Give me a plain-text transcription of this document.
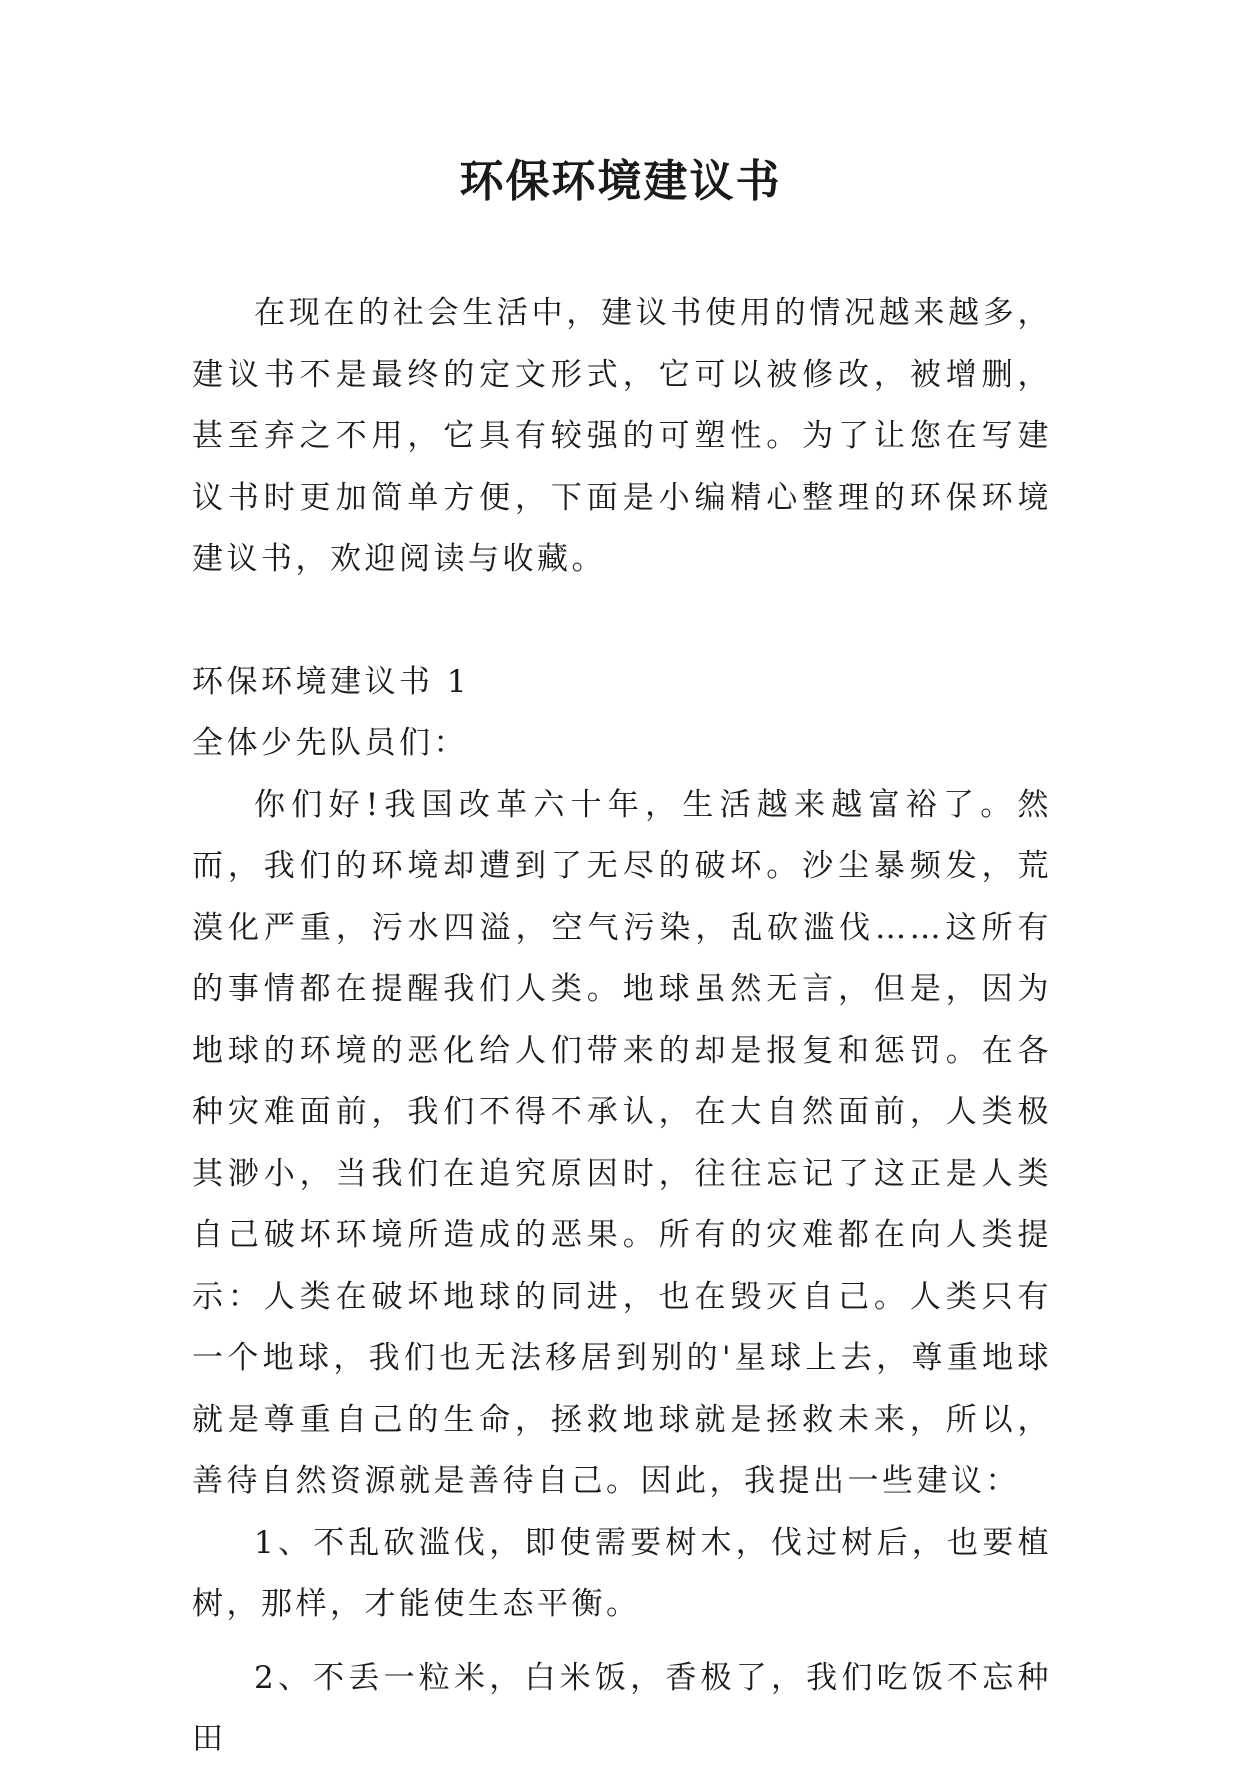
环保环境建议书

在现在的社会生活中，建议书使用的情况越来越多，建议书不是最终的定文形式，它可以被修改，被增删，甚至弃之不用，它具有较强的可塑性。为了让您在写建议书时更加简单方便，下面是小编精心整理的环保环境建议书，欢迎阅读与收藏。

环保环境建议书 1

全体少先队员们：

你们好!我国改革六十年，生活越来越富裕了。然而，我们的环境却遭到了无尽的破坏。沙尘暴频发，荒漠化严重，污水四溢，空气污染，乱砍滥伐……这所有的事情都在提醒我们人类。地球虽然无言，但是，因为地球的环境的恶化给人们带来的却是报复和惩罚。在各种灾难面前，我们不得不承认，在大自然面前，人类极其渺小，当我们在追究原因时，往往忘记了这正是人类自己破坏环境所造成的恶果。所有的灾难都在向人类提示：人类在破坏地球的同进，也在毁灭自己。人类只有一个地球，我们也无法移居到别的'星球上去，尊重地球就是尊重自己的生命，拯救地球就是拯救未来，所以，善待自然资源就是善待自己。因此，我提出一些建议：

1、不乱砍滥伐，即使需要树木，伐过树后，也要植树，那样，才能使生态平衡。

2、不丢一粒米，白米饭，香极了，我们吃饭不忘种田
